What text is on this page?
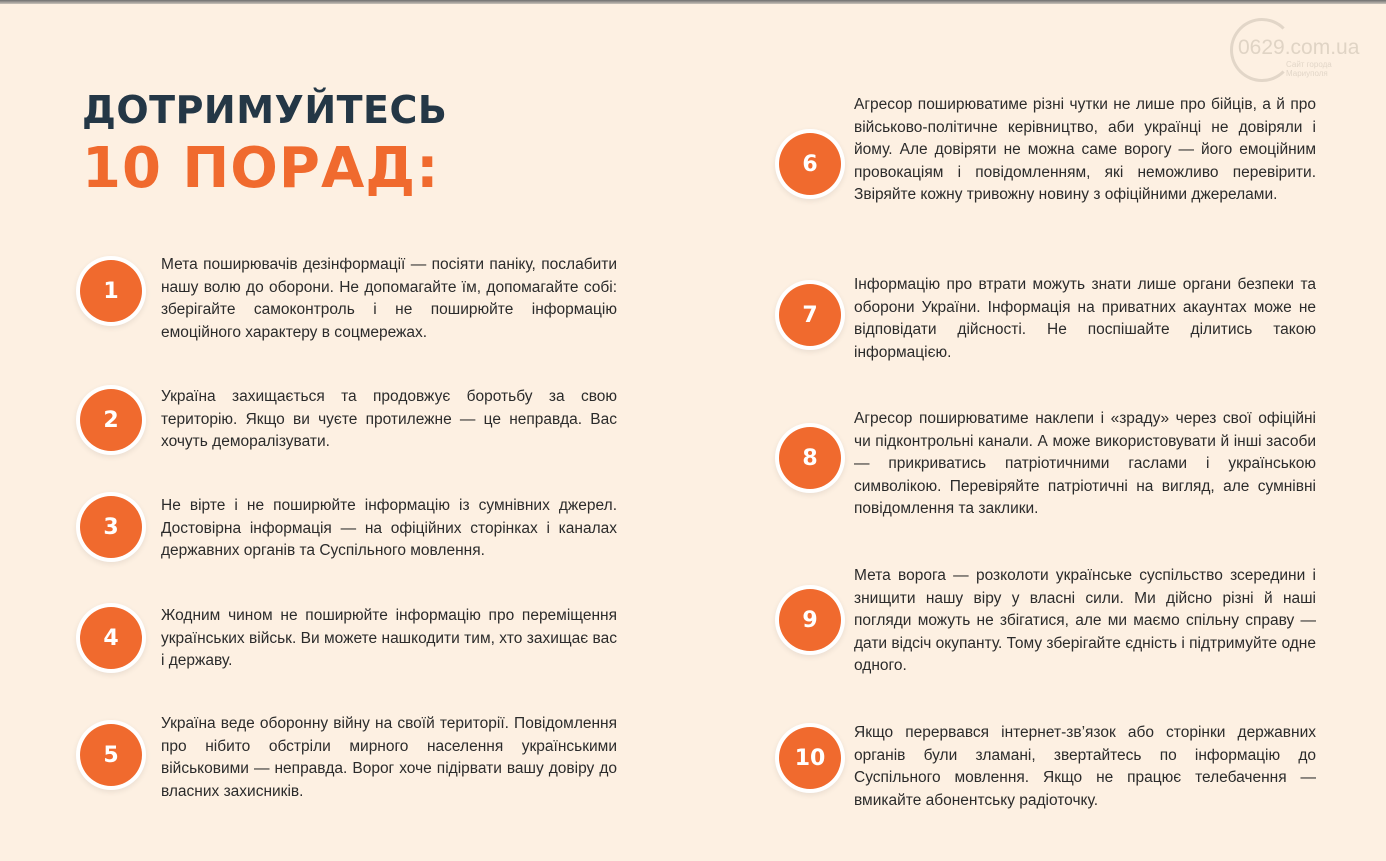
0629.com.ua
Сайт города
Мариуполя
ДОТРИМУЙТЕСЬ
10 ПОРАД:
1

Мета поширювачів дезінформації — посіяти паніку, послабити нашу волю до оборони. Не допомагайте їм, допомагайте собі: зберігайте самоконтроль і не поширюйте інформацію емоційного характеру в соцмережах.

2

Україна захищається та продовжує боротьбу за свою територію. Якщо ви чуєте протилежне — це неправда. Вас хочуть деморалізувати.

3

Не вірте і не поширюйте інформацію із сумнівних джерел. Достовірна інформація — на офіційних сторінках і каналах державних органів та Суспільного мовлення.

4

Жодним чином не поширюйте інформацію про переміщення українських військ. Ви можете нашкодити тим, хто захищає вас і державу.

5

Україна веде оборонну війну на своїй території. Повідомлення про нібито обстріли мирного населення українськими військовими — неправда. Ворог хоче підірвати вашу довіру до власних захисників.

6

Агресор поширюватиме різні чутки не лише про бійців, а й про військово-політичне керівництво, аби українці не довіряли і йому. Але довіряти не можна саме ворогу — його емоційним провокаціям і повідомленням, які неможливо перевірити. Звіряйте кожну тривожну новину з офіційними джерелами.

7

Інформацію про втрати можуть знати лише органи безпеки та оборони України. Інформація на приватних акаунтах може не відповідати дійсності. Не поспішайте ділитись такою інформацією.

8

Агресор поширюватиме наклепи і «зраду» через свої офіційні чи підконтрольні канали. А може використовувати й інші засоби — прикриватись патріотичними гаслами і українською символікою. Перевіряйте патріотичні на вигляд, але сумнівні повідомлення та заклики.

9

Мета ворога — розколоти українське суспільство зсередини і знищити нашу віру у власні сили. Ми дійсно різні й наші погляди можуть не збігатися, але ми маємо спільну справу — дати відсіч окупанту. Тому зберігайте єдність і підтримуйте одне одного.

10

Якщо перервався інтернет-зв’язок або сторінки державних органів були зламані, звертайтесь по інформацію до Суспільного мовлення. Якщо не працює телебачення — вмикайте абонентську радіоточку.
